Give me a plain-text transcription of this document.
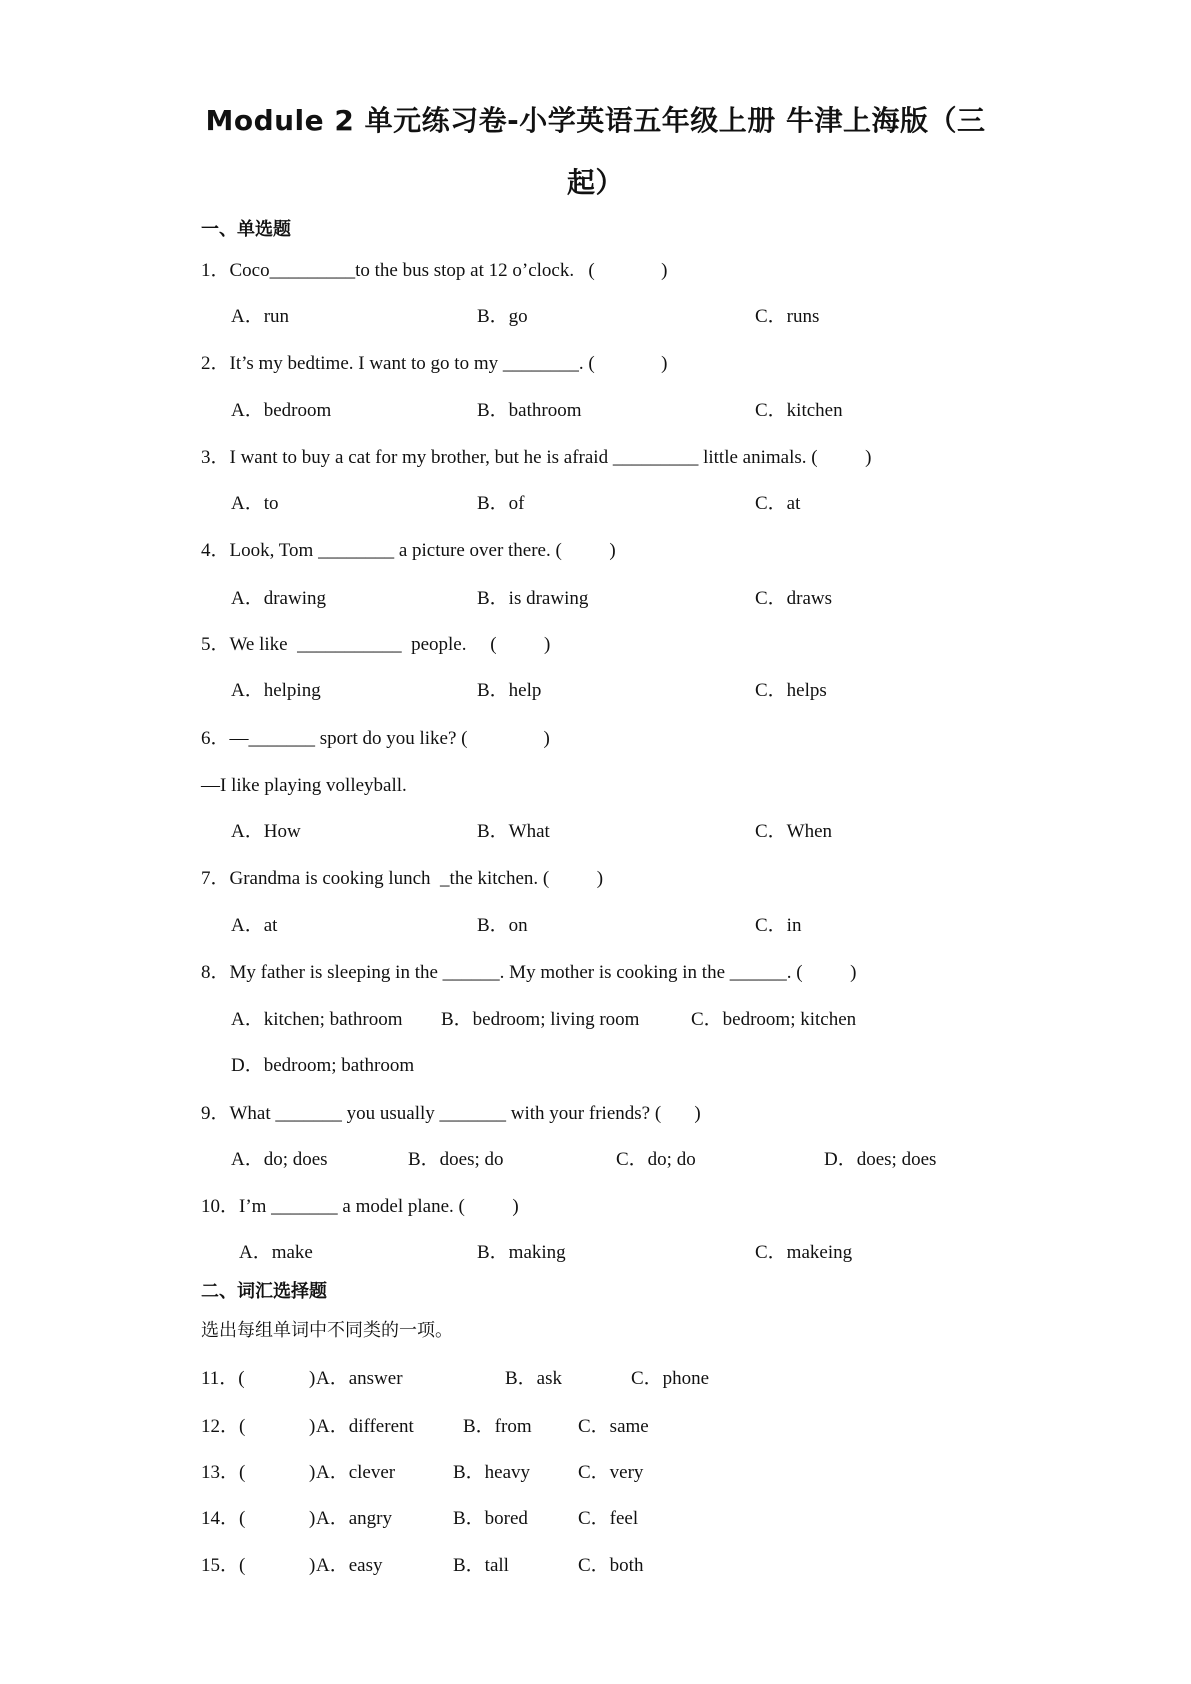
Module 2 单元练习卷-小学英语五年级上册 牛津上海版（三
起）
一、单选题
二、词汇选择题
选出每组单词中不同类的一项。
1．Coco_________to the bus stop at 12 o’clock.   (              )
A．run	B．go	C．runs
2．It’s my bedtime. I want to go to my ________. (              )
A．bedroom	B．bathroom	C．kitchen
3．I want to buy a cat for my brother, but he is afraid _________ little animals. (          )
A．to	B．of	C．at
4．Look, Tom ________ a picture over there. (          )
A．drawing	B．is drawing	C．draws
5．We like  ___________  people.     (          )
A．helping	B．help	C．helps
6．—_______ sport do you like? (                )
—I like playing volleyball.
A．How	B．What	C．When
7．Grandma is cooking lunch  _the kitchen. (          )
A．at	B．on	C．in
8．My father is sleeping in the ______. My mother is cooking in the ______. (          )
A．kitchen; bathroom B．bedroom; living room	C．bedroom; kitchen
D．bedroom; bathroom
9．What _______ you usually _______ with your friends? (       )
A．do; does	B．does; do	C．do; do	D．does; does
10．I’m _______ a model plane. (          )
A．make	B．making	C．makeing
11．(	) A．answer	B．ask	C．phone
12．(	) A．different	B．from C．same
13．(	) A．clever	B．heavy	C．very
14．(	) A．angry	B．bored	C．feel
15．(	) A．easy	B．tall	C．both
